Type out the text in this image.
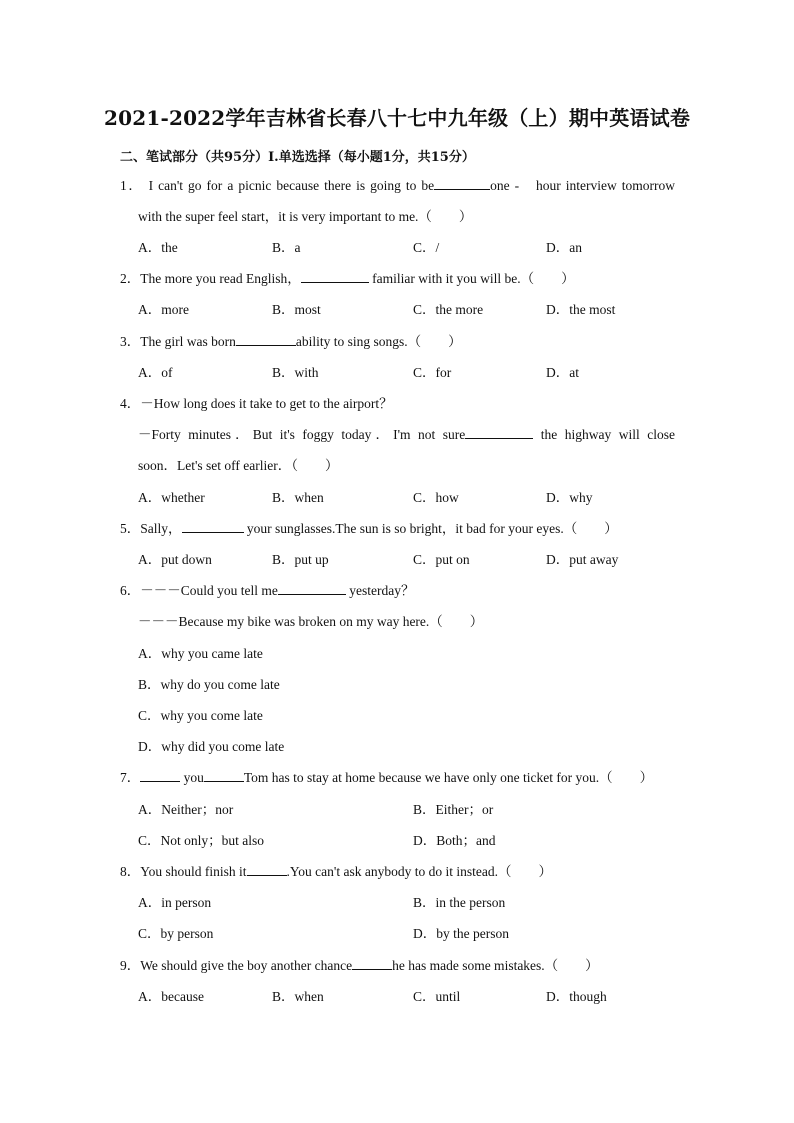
2021-2022学年吉林省长春八十七中九年级（上）期中英语试卷
二、笔试部分（共95分）Ⅰ.单选选择（每小题1分，共15分）
1． I can't go for a picnic because there is going to be	one -　hour interview tomorrow
with the super feel start，it is very important to me.（　　）
A．the	B．a	C．/	D．an
2．The more you read English，	familiar with it you will be.（　　）
A．more	B．most	C．the more	D．the most
3．The girl was born	ability to sing songs.（　　）
A．of	B．with	C．for	D．at
4．－How long does it take to get to the airport？
－Forty minutes．But it's foggy today．I'm not sure	the highway will close
soon．Let's set off earlier．（　　）
A．whether	B．when	C．how	D．why
5．Sally，	your sunglasses.The sun is so bright，it bad for your eyes.（　　）
A．put down	B．put up	C．put on	D．put away
6．－－－Could you tell me	yesterday？
－－－Because my bike was broken on my way here.（　　）
A．why you came late
B．why do you come late
C．why you come late
D．why did you come late
7．	you	Tom has to stay at home because we have only one ticket for you.（　　）
A．Neither；nor	B．Either；or
C．Not only；but also	D．Both；and
8．You should finish it	.You can't ask anybody to do it instead.（　　）
A．in person	B．in the person
C．by person	D．by the person
9．We should give the boy another chance	he has made some mistakes.（　　）
A．because	B．when	C．until	D．though
